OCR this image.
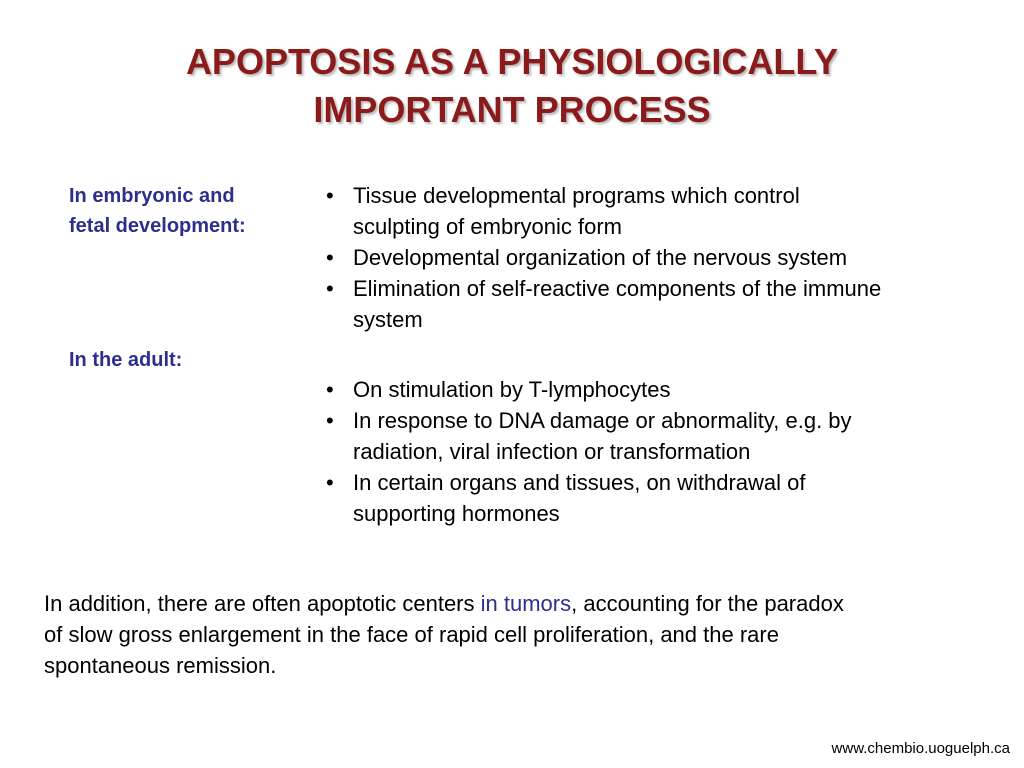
APOPTOSIS AS A PHYSIOLOGICALLY
IMPORTANT PROCESS
In embryonic and
fetal development:
• Tissue developmental programs which control
sculpting of embryonic form
• Developmental organization of the nervous system
• Elimination of self-reactive components of the immune
system
In the adult:
• On stimulation by T-lymphocytes
• In response to DNA damage or abnormality, e.g. by
radiation, viral infection or transformation
• In certain organs and tissues, on withdrawal of
supporting hormones

In addition, there are often apoptotic centers in tumors, accounting for the paradox
of slow gross enlargement in the face of rapid cell proliferation, and the rare
spontaneous remission.

www.chembio.uoguelph.ca
